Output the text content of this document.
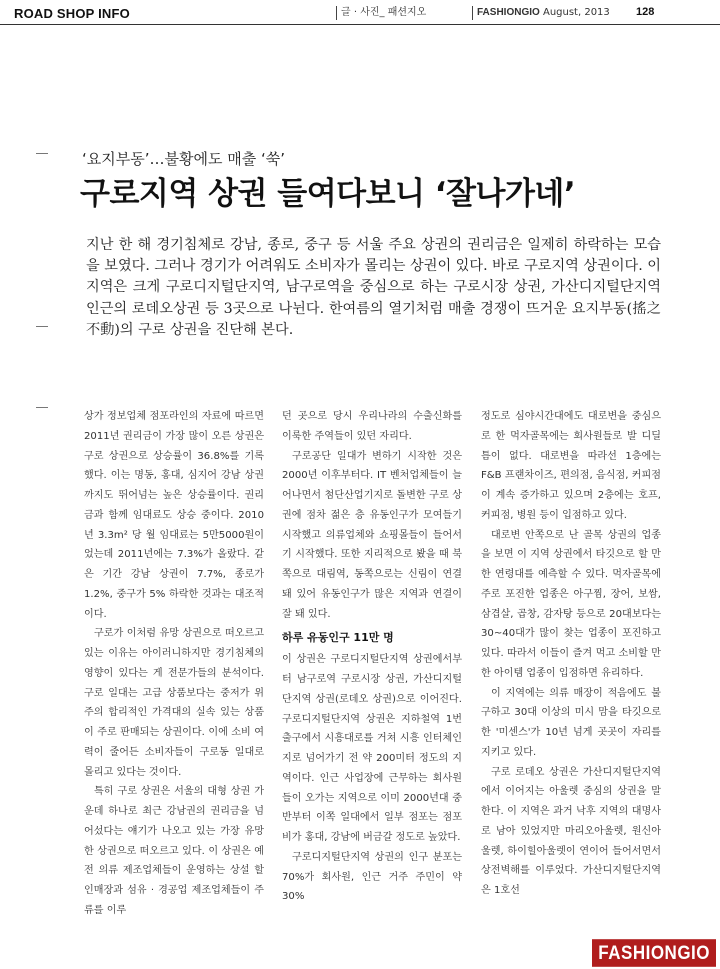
ROAD SHOP INFO	글 · 사진_ 패션지오	FASHIONGIO August, 2013 128
‘요지부동’…불황에도 매출 ‘쑥’
구로지역 상권 들여다보니 ‘잘나가네’
지난 한 해 경기침체로 강남, 종로, 중구 등 서울 주요 상권의 권리금은 일제히 하락하는 모습을 보였다. 그러나 경기가 어려워도 소비자가 몰리는 상권이 있다. 바로 구로지역 상권이다. 이 지역은 크게 구로디지털단지역, 남구로역을 중심으로 하는 구로시장 상권, 가산디지털단지역 인근의 로데오상권 등 3곳으로 나뉜다. 한여름의 열기처럼 매출 경쟁이 뜨거운 요지부동(搖之不動)의 구로 상권을 진단해 본다.

상가 정보업체 점포라인의 자료에 따르면 2011년 권리금이 가장 많이 오른 상권은 구로 상권으로 상승률이 36.8%를 기록했다. 이는 명동, 홍대, 심지어 강남 상권까지도 뛰어넘는 높은 상승률이다. 권리금과 함께 임대료도 상승 중이다. 2010년 3.3m² 당 월 임대료는 5만5000원이었는데 2011년에는 7.3%가 올랐다. 같은 기간 강남 상권이 7.7%, 종로가 1.2%, 중구가 5% 하락한 것과는 대조적이다.

구로가 이처럼 유망 상권으로 떠오르고 있는 이유는 아이러니하지만 경기침체의 영향이 있다는 게 전문가들의 분석이다. 구로 일대는 고급 상품보다는 중저가 위주의 합리적인 가격대의 실속 있는 상품이 주로 판매되는 상권이다. 이에 소비 여력이 줄어든 소비자들이 구로동 일대로 몰리고 있다는 것이다.

특히 구로 상권은 서울의 대형 상권 가운데 하나로 최근 강남권의 권리금을 넘어섰다는 얘기가 나오고 있는 가장 유망한 상권으로 떠오르고 있다. 이 상권은 예전 의류 제조업체들이 운영하는 상설 할인매장과 섬유 · 경공업 제조업체들이 주류를 이루

던 곳으로 당시 우리나라의 수출신화를 이룩한 주역들이 있던 자리다.

구로공단 일대가 변하기 시작한 것은 2000년 이후부터다. IT 벤처업체들이 늘어나면서 첨단산업기지로 돌변한 구로 상권에 점차 젊은 층 유동인구가 모여들기 시작했고 의류업체와 쇼핑몰들이 들어서기 시작했다. 또한 지리적으로 봤을 때 북쪽으로 대림역, 동쪽으로는 신림이 연결돼 있어 유동인구가 많은 지역과 연결이 잘 돼 있다.

하루 유동인구 11만 명

이 상권은 구로디지털단지역 상권에서부터 남구로역 구로시장 상권, 가산디지털단지역 상권(로데오 상권)으로 이어진다. 구로디지털단지역 상권은 지하철역 1번 출구에서 시흥대로를 거쳐 시흥 인터체인지로 넘어가기 전 약 200미터 정도의 지역이다. 인근 사업장에 근무하는 회사원들이 오가는 지역으로 이미 2000년대 중반부터 이쪽 일대에서 일부 점포는 점포비가 홍대, 강남에 버금갈 정도로 높았다.

구로디지털단지역 상권의 인구 분포는 70%가 회사원, 인근 거주 주민이 약 30%

정도로 심야시간대에도 대로변을 중심으로 한 먹자골목에는 회사원들로 발 디딜 틈이 없다. 대로변을 따라선 1층에는 F&B 프랜차이즈, 편의점, 음식점, 커피점이 계속 증가하고 있으며 2층에는 호프, 커피점, 병원 등이 입점하고 있다.

대로변 안쪽으로 난 골목 상권의 업종을 보면 이 지역 상권에서 타깃으로 할 만한 연령대를 예측할 수 있다. 먹자골목에 주로 포진한 업종은 아구찜, 장어, 보쌈, 삼겹살, 곱창, 감자탕 등으로 20대보다는 30~40대가 많이 찾는 업종이 포진하고 있다. 따라서 이들이 즐겨 먹고 소비할 만한 아이템 업종이 입점하면 유리하다.

이 지역에는 의류 매장이 적음에도 불구하고 30대 이상의 미시 맘을 타깃으로 한 '미센스'가 10년 넘게 곳곳이 자리를 지키고 있다.

구로 로데오 상권은 가산디지털단지역에서 이어지는 아울렛 중심의 상권을 말한다. 이 지역은 과거 낙후 지역의 대명사로 남아 있었지만 마리오아울렛, 원신아울렛, 하이힐아울렛이 연이어 들어서면서 상전벽해를 이루었다. 가산디지털단지역은 1호선

FASHIONGIO
